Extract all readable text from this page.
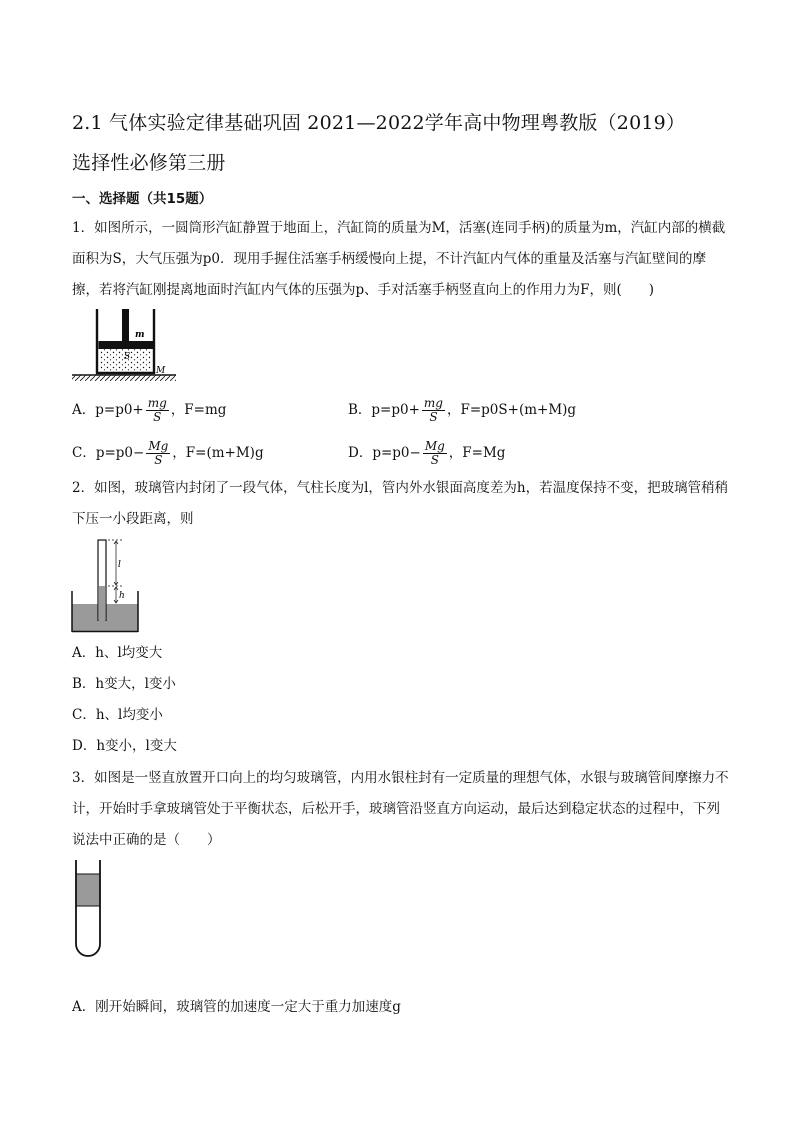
2.1 气体实验定律基础巩固 2021—2022学年高中物理粤教版（2019）
选择性必修第三册
一、选择题（共15题）
1．如图所示，一圆筒形汽缸静置于地面上，汽缸筒的质量为M，活塞(连同手柄)的质量为m，汽缸内部的横截面积为S，大气压强为p0．现用手握住活塞手柄缓慢向上提，不计汽缸内气体的重量及活塞与汽缸壁间的摩擦，若将汽缸刚提离地面时汽缸内气体的压强为p、手对活塞手柄竖直向上的作用力为F，则(　　)
m
S
M
A．$p=p0+ \frac{mg}{S}$ ，F=mg	B．$p=p0+ \frac{mg}{S}$ ，F=p0S+(m+M)g
C．$p=p0- \frac{Mg}{S}$ ，F=(m+M)g	D．$p=p0- \frac{Mg}{S}$ ，F=Mg
2．如图，玻璃管内封闭了一段气体，气柱长度为l，管内外水银面高度差为h，若温度保持不变，把玻璃管稍稍下压一小段距离，则
l
h
A．h、l均变大
B．h变大，l变小
C．h、l均变小
D．h变小，l变大
3．如图是一竖直放置开口向上的均匀玻璃管，内用水银柱封有一定质量的理想气体，水银与玻璃管间摩擦力不计，开始时手拿玻璃管处于平衡状态，后松开手，玻璃管沿竖直方向运动，最后达到稳定状态的过程中，下列说法中正确的是（　　）
A．刚开始瞬间，玻璃管的加速度一定大于重力加速度g
